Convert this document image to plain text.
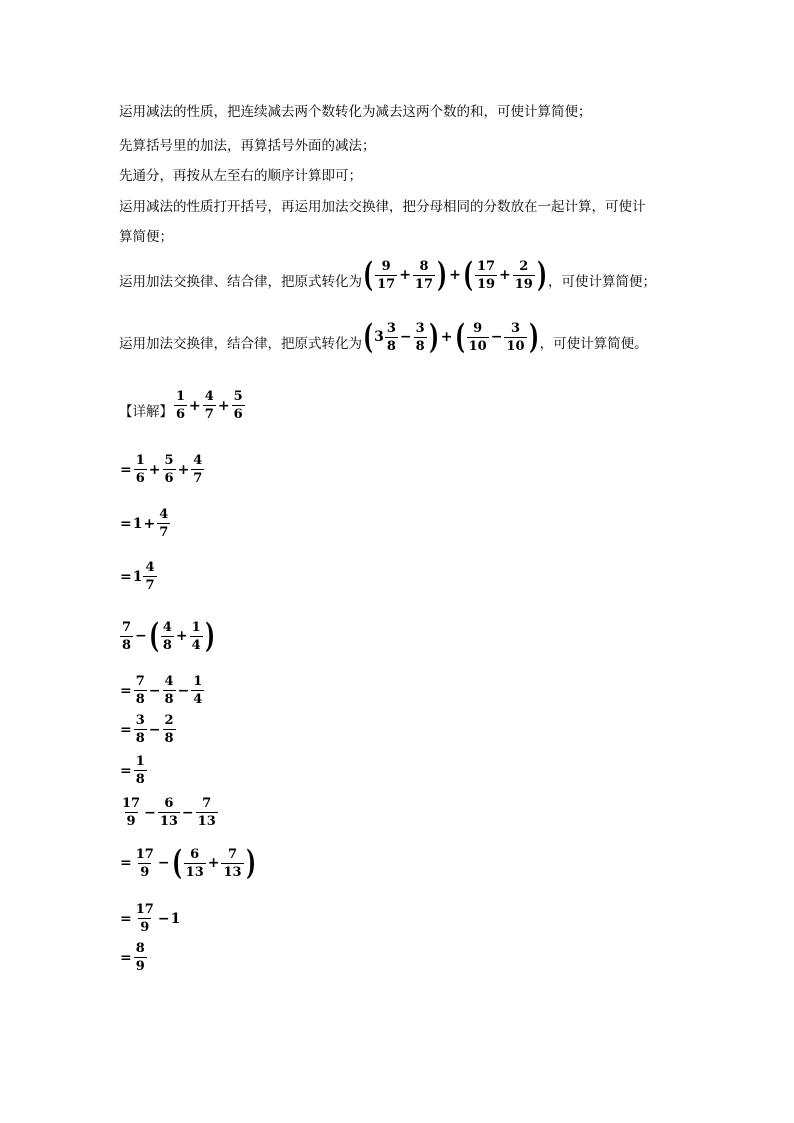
运用减法的性质，把连续减去两个数转化为减去这两个数的和，可使计算简便；
先算括号里的加法，再算括号外面的减法；
先通分，再按从左至右的顺序计算即可；
运用减法的性质打开括号，再运用加法交换律，把分母相同的分数放在一起计算，可使计
算简便；
运用加法交换律、结合律，把原式转化为 ( $\frac{9}{17} + \frac{8}{17}$ ) + ( $\frac{17}{19} + \frac{2}{19}$ ) ，可使计算简便；
运用加法交换律，结合律，把原式转化为 ( $3 \frac{3}{8} - \frac{3}{8}$ ) + ( $\frac{9}{10} - \frac{3}{10}$ ) ，可使计算简便。
【详解】 $\frac{1}{6} + \frac{4}{7} + \frac{5}{6}$
= $\frac{1}{6} + \frac{5}{6} + \frac{4}{7}$
= $1 + \frac{4}{7}$
= $1 \frac{4}{7}$
$\frac{7}{8}$ − ( $\frac{4}{8} + \frac{1}{4}$ )
= $\frac{7}{8} - \frac{4}{8} - \frac{1}{4}$
= $\frac{3}{8} - \frac{2}{8}$
= $\frac{1}{8}$
$\frac{17}{9} - \frac{6}{13} - \frac{7}{13}$
= $\frac{17}{9}$ − ( $\frac{6}{13} + \frac{7}{13}$ )
= $\frac{17}{9} - 1$
= $\frac{8}{9}$
